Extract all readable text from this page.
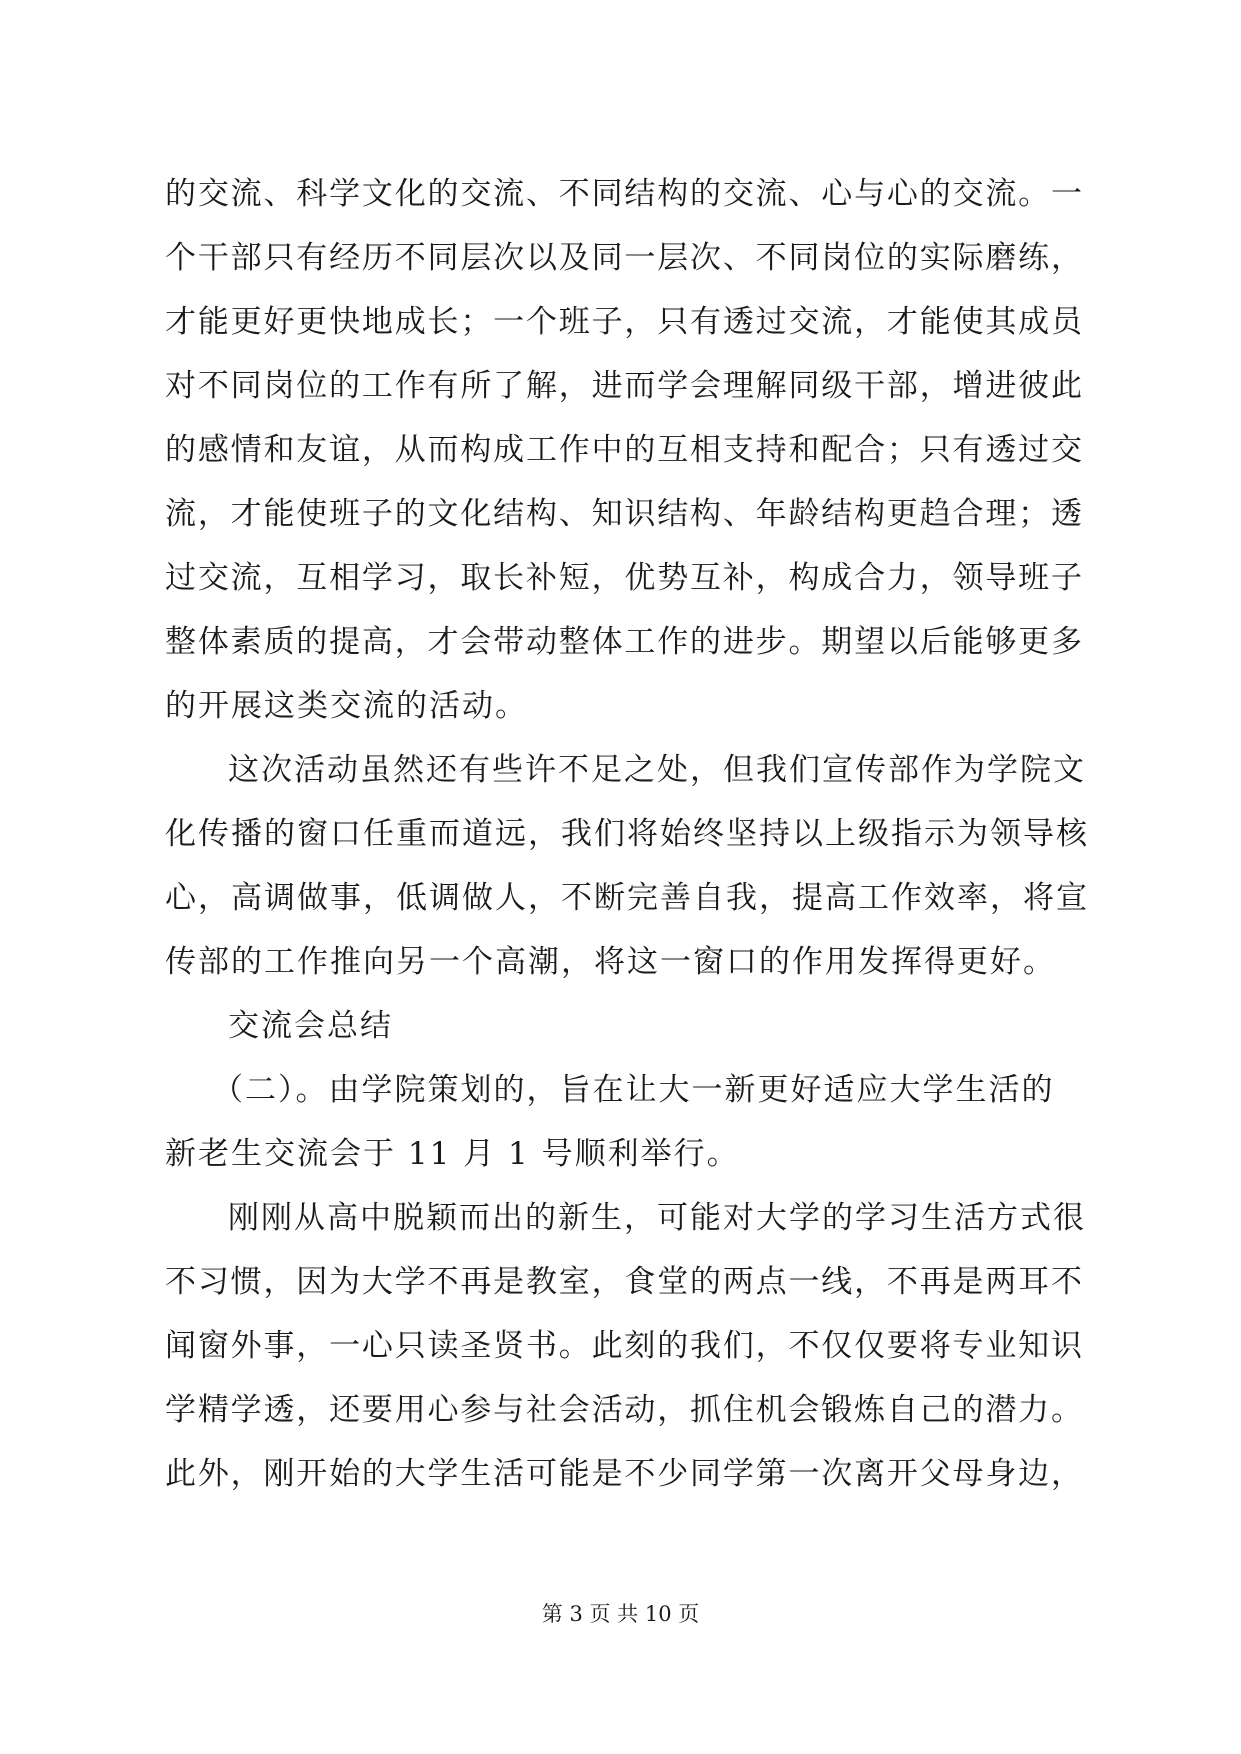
的交流、科学文化的交流、不同结构的交流、心与心的交流。一
个干部只有经历不同层次以及同一层次、不同岗位的实际磨练，
才能更好更快地成长；一个班子，只有透过交流，才能使其成员
对不同岗位的工作有所了解，进而学会理解同级干部，增进彼此
的感情和友谊，从而构成工作中的互相支持和配合；只有透过交
流，才能使班子的文化结构、知识结构、年龄结构更趋合理；透
过交流，互相学习，取长补短，优势互补，构成合力，领导班子
整体素质的提高，才会带动整体工作的进步。期望以后能够更多
的开展这类交流的活动。
这次活动虽然还有些许不足之处，但我们宣传部作为学院文
化传播的窗口任重而道远，我们将始终坚持以上级指示为领导核
心，高调做事，低调做人，不断完善自我，提高工作效率，将宣
传部的工作推向另一个高潮，将这一窗口的作用发挥得更好。
交流会总结
（二）。由学院策划的，旨在让大一新更好适应大学生活的
新老生交流会于 11 月 1 号顺利举行。
刚刚从高中脱颖而出的新生，可能对大学的学习生活方式很
不习惯，因为大学不再是教室，食堂的两点一线，不再是两耳不
闻窗外事，一心只读圣贤书。此刻的我们，不仅仅要将专业知识
学精学透，还要用心参与社会活动，抓住机会锻炼自己的潜力。
此外，刚开始的大学生活可能是不少同学第一次离开父母身边，
第 3 页 共 10 页
